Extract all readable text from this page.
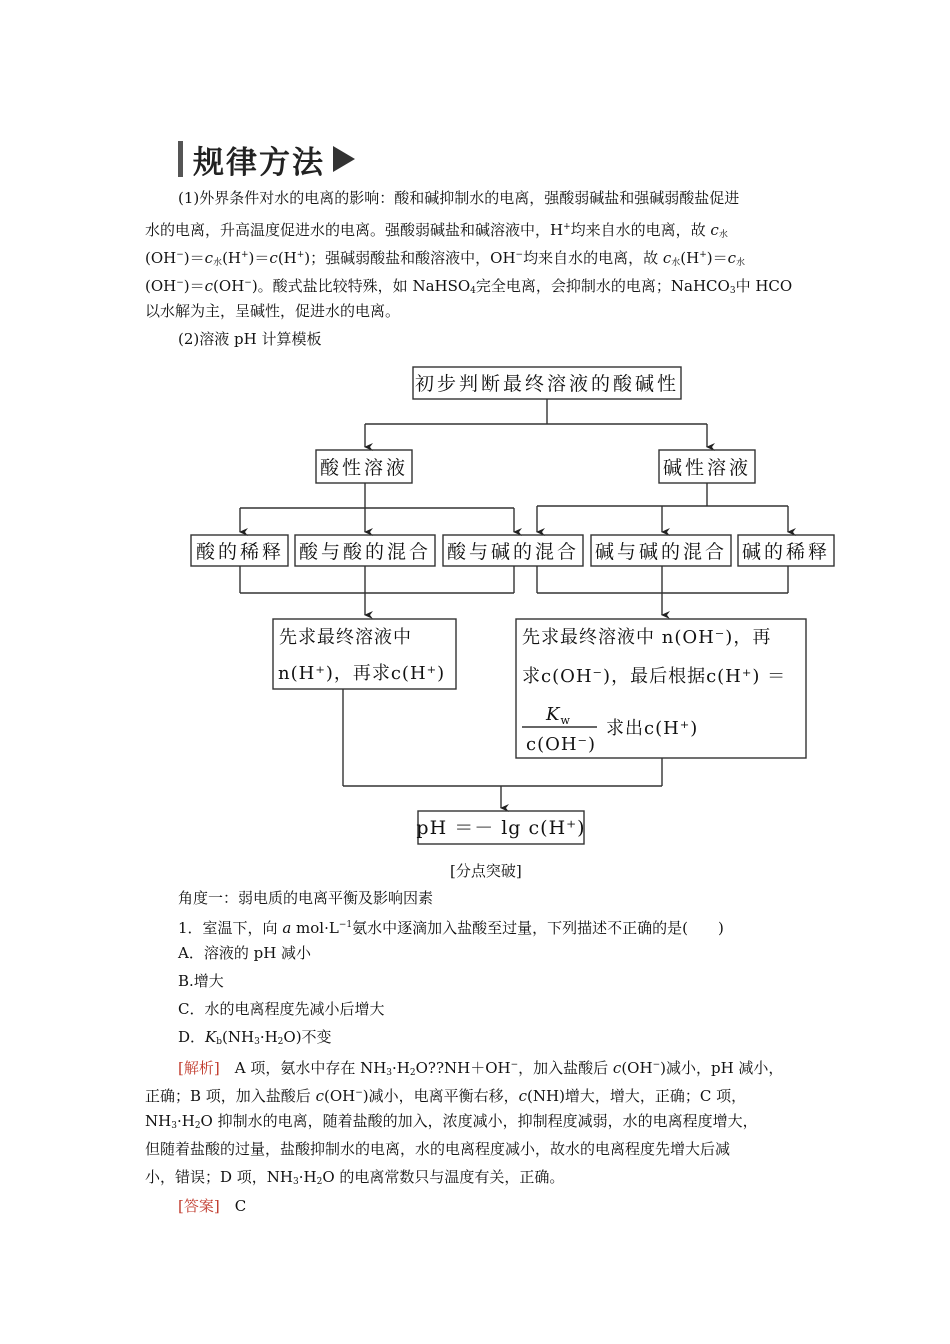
规律方法
(1)外界条件对水的电离的影响：酸和碱抑制水的电离，强酸弱碱盐和强碱弱酸盐促进
水的电离，升高温度促进水的电离。强酸弱碱盐和碱溶液中，H+均来自水的电离，故 $c_水$
$(OH^-)=c_水(H^+)=c(H^+)$；强碱弱酸盐和酸溶液中，OH−均来自水的电离，故 $c_水(H^+)=c_水$
(OH−)＝c(OH−)。酸式盐比较特殊，如 NaHSO$_4$完全电离，会抑制水的电离；NaHCO$_3$中 HCO
以水解为主，呈碱性，促进水的电离。
(2)溶液 pH 计算模板
初步判断最终溶液的酸碱性
酸性溶液	碱性溶液
酸的稀释 酸与酸的混合 酸与碱的混合 碱与碱的混合 碱的稀释
先求最终溶液中
n(H⁺)，再求c(H⁺)
先求最终溶液中 n(OH⁻)，再
求c(OH⁻)，最后根据c(H⁺) ＝
$K_w$
c(OH⁻)
求出c(H⁺)
pH ＝－ lg c(H⁺)
[分点突破]
角度一：弱电质的电离平衡及影响因素
1．室温下，向 a $mol\cdot L^{-1}$氨水中逐滴加入盐酸至过量，下列描述不正确的是(　　)
A．溶液的 pH 减小
B.增大
C．水的电离程度先减小后增大
D．$K_b(NH_3\cdot H_2O)$不变
[解析]　A 项，氨水中存在 $NH_3\cdot H_2O??NH+OH^-$，加入盐酸后 c(OH−)减小，pH 减小，
正确；B 项，加入盐酸后 c(OH−)减小，电离平衡右移，c(NH)增大，增大，正确；C 项，
$NH_3\cdot H_2O$ 抑制水的电离，随着盐酸的加入，浓度减小，抑制程度减弱，水的电离程度增大，
但随着盐酸的过量，盐酸抑制水的电离，水的电离程度减小，故水的电离程度先增大后减
小，错误；D 项，$NH_3\cdot H_2O$ 的电离常数只与温度有关，正确。
[答案]　 C
